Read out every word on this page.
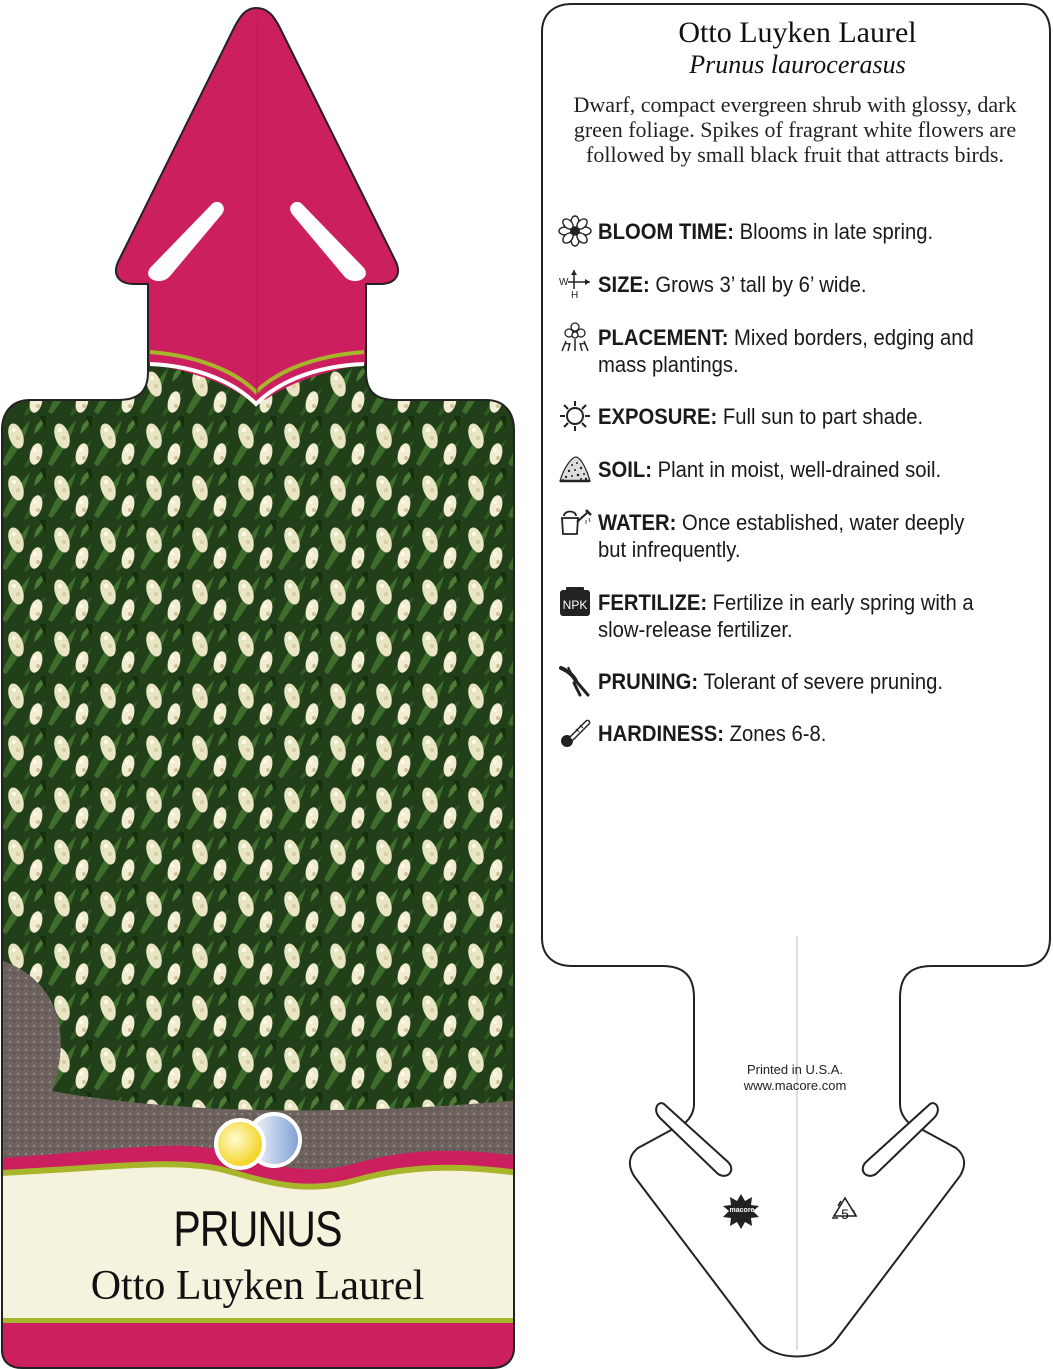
PRUNUS
Otto Luyken Laurel
Otto Luyken Laurel
Prunus laurocerasus
Dwarf, compact evergreen shrub with glossy, dark green foliage. Spikes of fragrant white flowers are followed by small black fruit that attracts birds.
BLOOM TIME: Blooms in late spring.
W
H SIZE: Grows 3’ tall by 6’ wide.
PLACEMENT: Mixed borders, edging and mass plantings.
EXPOSURE: Full sun to part shade.
SOIL: Plant in moist, well-drained soil.
WATER: Once established, water deeply but infrequently.
NPK FERTILIZE: Fertilize in early spring with a slow-release fertilizer.
PRUNING: Tolerant of severe pruning.
HARDINESS: Zones 6-8.
Printed in U.S.A.
www.macore.com
macore	5
